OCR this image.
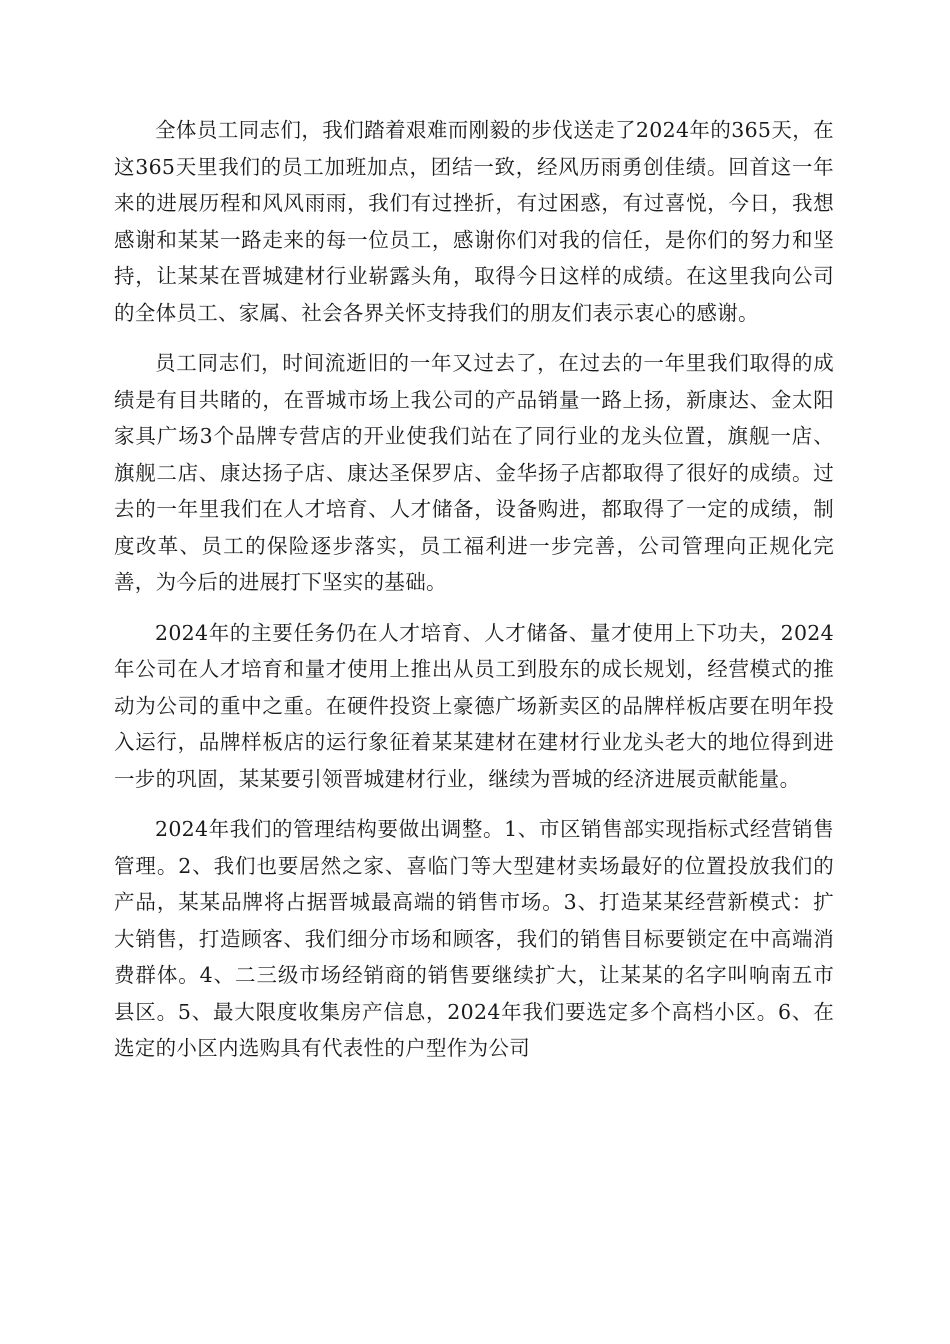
全体员工同志们，我们踏着艰难而刚毅的步伐送走了2024年的365天，在这365天里我们的员工加班加点，团结一致，经风历雨勇创佳绩。回首这一年来的进展历程和风风雨雨，我们有过挫折，有过困惑，有过喜悦，今日，我想感谢和某某一路走来的每一位员工，感谢你们对我的信任，是你们的努力和坚持，让某某在晋城建材行业崭露头角，取得今日这样的成绩。在这里我向公司的全体员工、家属、社会各界关怀支持我们的朋友们表示衷心的感谢。

员工同志们，时间流逝旧的一年又过去了，在过去的一年里我们取得的成绩是有目共睹的，在晋城市场上我公司的产品销量一路上扬，新康达、金太阳家具广场3个品牌专营店的开业使我们站在了同行业的龙头位置，旗舰一店、旗舰二店、康达扬子店、康达圣保罗店、金华扬子店都取得了很好的成绩。过去的一年里我们在人才培育、人才储备，设备购进，都取得了一定的成绩，制度改革、员工的保险逐步落实，员工福利进一步完善，公司管理向正规化完善，为今后的进展打下坚实的基础。

2024年的主要任务仍在人才培育、人才储备、量才使用上下功夫，2024年公司在人才培育和量才使用上推出从员工到股东的成长规划，经营模式的推动为公司的重中之重。在硬件投资上豪德广场新卖区的品牌样板店要在明年投入运行，品牌样板店的运行象征着某某建材在建材行业龙头老大的地位得到进一步的巩固，某某要引领晋城建材行业，继续为晋城的经济进展贡献能量。

2024年我们的管理结构要做出调整。1、市区销售部实现指标式经营销售管理。2、我们也要居然之家、喜临门等大型建材卖场最好的位置投放我们的产品，某某品牌将占据晋城最高端的销售市场。3、打造某某经营新模式：扩大销售，打造顾客、我们细分市场和顾客，我们的销售目标要锁定在中高端消费群体。4、二三级市场经销商的销售要继续扩大，让某某的名字叫响南五市县区。5、最大限度收集房产信息，2024年我们要选定多个高档小区。6、在选定的小区内选购具有代表性的户型作为公司
